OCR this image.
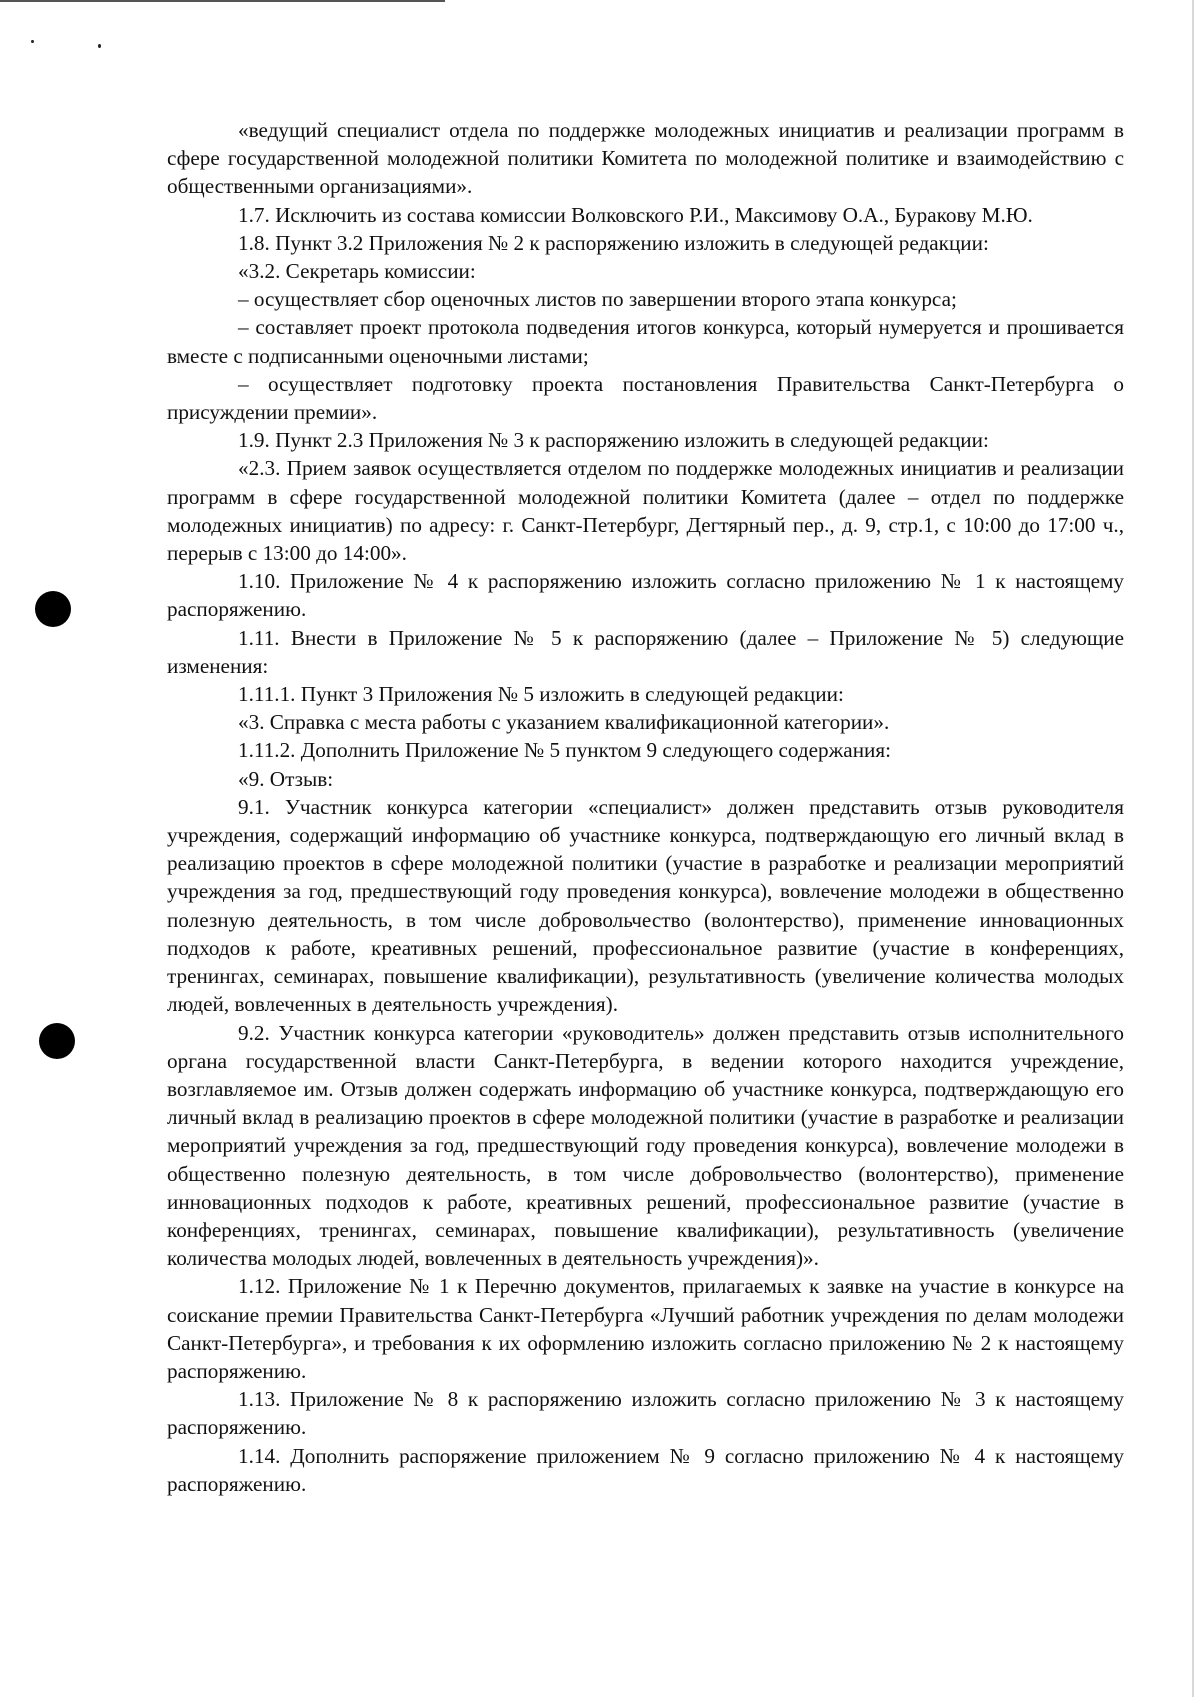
«ведущий специалист отдела по поддержке молодежных инициатив и реализации программ в сфере государственной молодежной политики Комитета по молодежной политике и взаимодействию с общественными организациями».

1.7. Исключить из состава комиссии Волковского Р.И., Максимову О.А., Буракову М.Ю.

1.8. Пункт 3.2 Приложения № 2 к распоряжению изложить в следующей редакции:

«3.2. Секретарь комиссии:

– осуществляет сбор оценочных листов по завершении второго этапа конкурса;

– составляет проект протокола подведения итогов конкурса, который нумеруется и прошивается вместе с подписанными оценочными листами;

– осуществляет подготовку проекта постановления Правительства Санкт-Петербурга о присуждении премии».

1.9. Пункт 2.3 Приложения № 3 к распоряжению изложить в следующей редакции:

«2.3. Прием заявок осуществляется отделом по поддержке молодежных инициатив и реализации программ в сфере государственной молодежной политики Комитета (далее – отдел по поддержке молодежных инициатив) по адресу: г. Санкт-Петербург, Дегтярный пер., д. 9, стр.1, с 10:00 до 17:00 ч., перерыв с 13:00 до 14:00».

1.10. Приложение № 4 к распоряжению изложить согласно приложению № 1 к настоящему распоряжению.

1.11. Внести в Приложение № 5 к распоряжению (далее – Приложение № 5) следующие изменения:

1.11.1. Пункт 3 Приложения № 5 изложить в следующей редакции:

«3. Справка с места работы с указанием квалификационной категории».

1.11.2. Дополнить Приложение № 5 пунктом 9 следующего содержания:

«9. Отзыв:

9.1. Участник конкурса категории «специалист» должен представить отзыв руководителя учреждения, содержащий информацию об участнике конкурса, подтверждающую его личный вклад в реализацию проектов в сфере молодежной политики (участие в разработке и реализации мероприятий учреждения за год, предшествующий году проведения конкурса), вовлечение молодежи в общественно полезную деятельность, в том числе добровольчество (волонтерство), применение инновационных подходов к работе, креативных решений, профессиональное развитие (участие в конференциях, тренингах, семинарах, повышение квалификации), результативность (увеличение количества молодых людей, вовлеченных в деятельность учреждения).

9.2. Участник конкурса категории «руководитель» должен представить отзыв исполнительного органа государственной власти Санкт-Петербурга, в ведении которого находится учреждение, возглавляемое им. Отзыв должен содержать информацию об участнике конкурса, подтверждающую его личный вклад в реализацию проектов в сфере молодежной политики (участие в разработке и реализации мероприятий учреждения за год, предшествующий году проведения конкурса), вовлечение молодежи в общественно полезную деятельность, в том числе добровольчество (волонтерство), применение инновационных подходов к работе, креативных решений, профессиональное развитие (участие в конференциях, тренингах, семинарах, повышение квалификации), результативность (увеличение количества молодых людей, вовлеченных в деятельность учреждения)».

1.12. Приложение № 1 к Перечню документов, прилагаемых к заявке на участие в конкурсе на соискание премии Правительства Санкт-Петербурга «Лучший работник учреждения по делам молодежи Санкт-Петербурга», и требования к их оформлению изложить согласно приложению № 2 к настоящему распоряжению.

1.13. Приложение № 8 к распоряжению изложить согласно приложению № 3 к настоящему распоряжению.

1.14. Дополнить распоряжение приложением № 9 согласно приложению № 4 к настоящему распоряжению.
